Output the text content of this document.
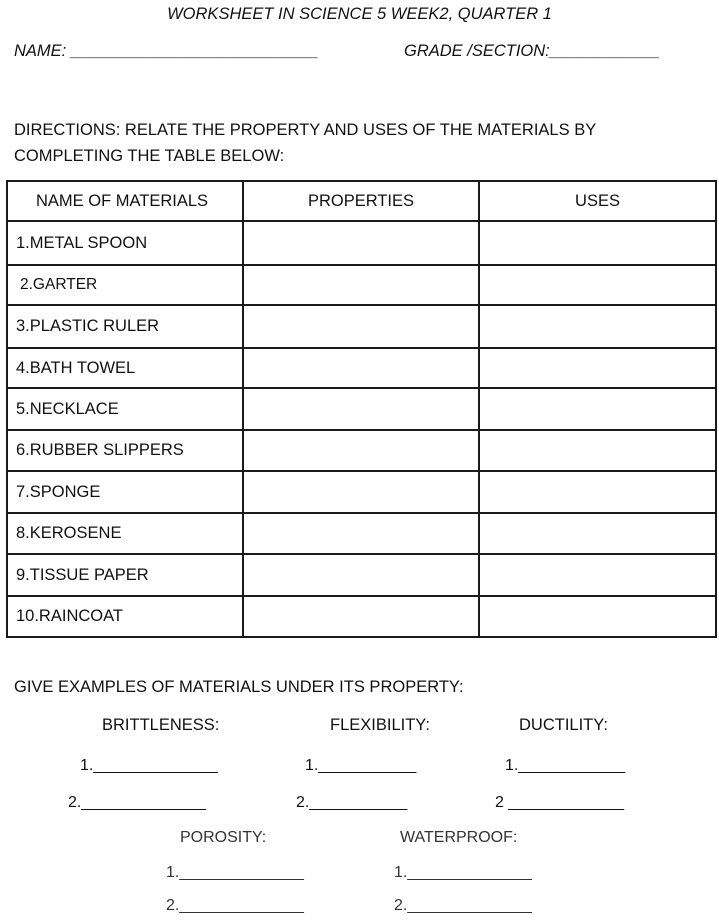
WORKSHEET IN SCIENCE 5 WEEK2, QUARTER 1
NAME: ___________________________	GRADE /SECTION:____________
DIRECTIONS: RELATE THE PROPERTY AND USES OF THE MATERIALS BY
COMPLETING THE TABLE BELOW:
NAME OF MATERIALS	PROPERTIES	USES
1.METAL SPOON		
2.GARTER		
3.PLASTIC RULER		
4.BATH TOWEL		
5.NECKLACE		
6.RUBBER SLIPPERS		
7.SPONGE		
8.KEROSENE		
9.TISSUE PAPER		
10.RAINCOAT		
GIVE EXAMPLES OF MATERIALS UNDER ITS PROPERTY:
BRITTLENESS:	FLEXIBILITY:	DUCTILITY:
1.______________	1.___________	1.____________
2.______________	2.___________	2 _____________
POROSITY:	WATERPROOF:
1.______________	1.______________
2.______________	2.______________
